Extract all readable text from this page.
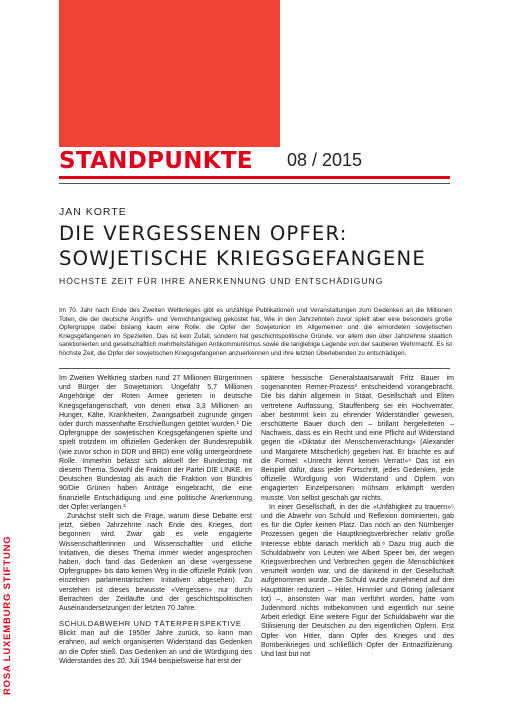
STANDPUNKTE 08 / 2015
JAN KORTE
DIE VERGESSENEN OPFER:
SOWJETISCHE KRIEGSGEFANGENE
HÖCHSTE ZEIT FÜR IHRE ANERKENNUNG UND ENTSCHÄDIGUNG
Im 70. Jahr nach Ende des Zweiten Weltkrieges gibt es unzählige Publikationen und Veranstaltungen zum Gedenken an die Millionen Toten, die der deutsche Angriffs- und Vernichtungskrieg gekostet hat. Wie in den Jahrzehnten zuvor spielt aber eine besonders große Opfergruppe dabei bislang kaum eine Rolle: die Opfer der Sowjetunion im Allgemeinen und die ermordeten sowjetischen Kriegsgefangenen im Speziellen. Das ist kein Zufall, sondern hat geschichtspolitische Gründe, vor allem den über Jahrzehnte staatlich sanktionierten und gesellschaftlich mehrheitsfähigen Antikommunismus sowie die langlebige Legende von der sauberen Wehrmacht. Es ist höchste Zeit, die Opfer der sowjetischen Kriegsgefangenen anzuerkennen und ihre letzten Überlebenden zu entschädigen.

Im Zweiten Weltkrieg starben rund 27 Millionen Bürgerinnen und Bürger der Sowjetunion. Ungefähr 5,7 Millionen Angehörige der Roten Armee gerieten in deutsche Kriegsgefangenschaft, von denen etwa 3,3 Millionen an Hunger, Kälte, Krankheiten, Zwangsarbeit zugrunde gingen oder durch massenhafte Erschießungen getötet wurden.¹ Die Opfergruppe der sowjetischen Kriegsgefangenen spielte und spielt trotzdem im offiziellen Gedenken der Bundesrepublik (wie zuvor schon in DDR und BRD) eine völlig untergeordnete Rolle. Immerhin befasst sich aktuell der Bundestag mit diesem Thema. Sowohl die Fraktion der Partei DIE LINKE. im Deutschen Bundestag als auch die Fraktion von Bündnis 90/Die Grünen haben Anträge eingebracht, die eine finanzielle Entschädigung und eine politische Anerkennung der Opfer verlangen.²

Zunächst stellt sich die Frage, warum diese Debatte erst jetzt, sieben Jahrzehnte nach Ende des Krieges, dort begonnen wird. Zwar gab es viele engagierte Wissenschaftlerinnen und Wissenschaftler und etliche Initiativen, die dieses Thema immer wieder angesprochen haben, doch fand das Gedenken an diese «vergessene Opfergruppe» bis dato keinen Weg in die offizielle Politik (von einzelnen parlamentarischen Initiativen abgesehen). Zu verstehen ist dieses bewusste «Vergessen» nur durch Betrachten der Zeitläufte und der geschichtspolitischen Auseinandersetzungen der letzten 70 Jahre.

SCHULDABWEHR UND TÄTERPERSPEKTIVE

Blickt man auf die 1950er Jahre zurück, so kann man erahnen, auf welch organisierten Widerstand das Gedenken an die Opfer stieß. Das Gedenken an und die Würdigung des Widerstandes des 20. Juli 1944 beispielsweise hat erst der

spätere hessische Generalstaatsanwalt Fritz Bauer im sogenannten Remer-Prozess³ entscheidend vorangebracht. Die bis dahin allgemein in Staat, Gesellschaft und Eliten vertretene Auffassung, Stauffenberg sei ein Hochverräter, aber bestimmt kein zu ehrender Widerständler gewesen, erschütterte Bauer durch den – brillant hergeleiteten – Nachweis, dass es ein Recht und eine Pflicht auf Widerstand gegen die «Diktatur der Menschenverachtung» (Alexander und Margarete Mitscherlich) gegeben hat. Er brachte es auf die Formel: «Unrecht kennt keinen Verrat!»⁴ Das ist ein Beispiel dafür, dass jeder Fortschritt, jedes Gedenken, jede offizielle Würdigung von Widerstand und Opfern von engagierten Einzelpersonen mühsam erkämpft werden musste. Von selbst geschah gar nichts.

In einer Gesellschaft, in der die «Unfähigkeit zu trauern»⁵ und die Abwehr von Schuld und Reflexion dominierten, gab es für die Opfer keinen Platz. Das noch an den Nürnberger Prozessen gegen die Hauptkriegsverbrecher relativ große Interesse ebbte danach merklich ab.⁶ Dazu trug auch die Schuldabwehr von Leuten wie Albert Speer bei, der wegen Kriegsverbrechen und Verbrechen gegen die Menschlichkeit verurteilt worden war, und die dankend in der Gesellschaft aufgenommen wurde. Die Schuld wurde zunehmend auf drei Haupttäter reduziert – Hitler, Himmler und Göring (allesamt tot) –, ansonsten war man verführt worden, hatte vom Judenmord nichts mitbekommen und eigentlich nur seine Arbeit erledigt. Eine weitere Figur der Schuldabwehr war die Stilisierung der Deutschen zu den eigentlichen Opfern. Erst Opfer von Hitler, dann Opfer des Krieges und des Bombenkrieges und schließlich Opfer der Entnazifizierung. Und last but not

ROSA LUXEMBURG STIFTUNG
